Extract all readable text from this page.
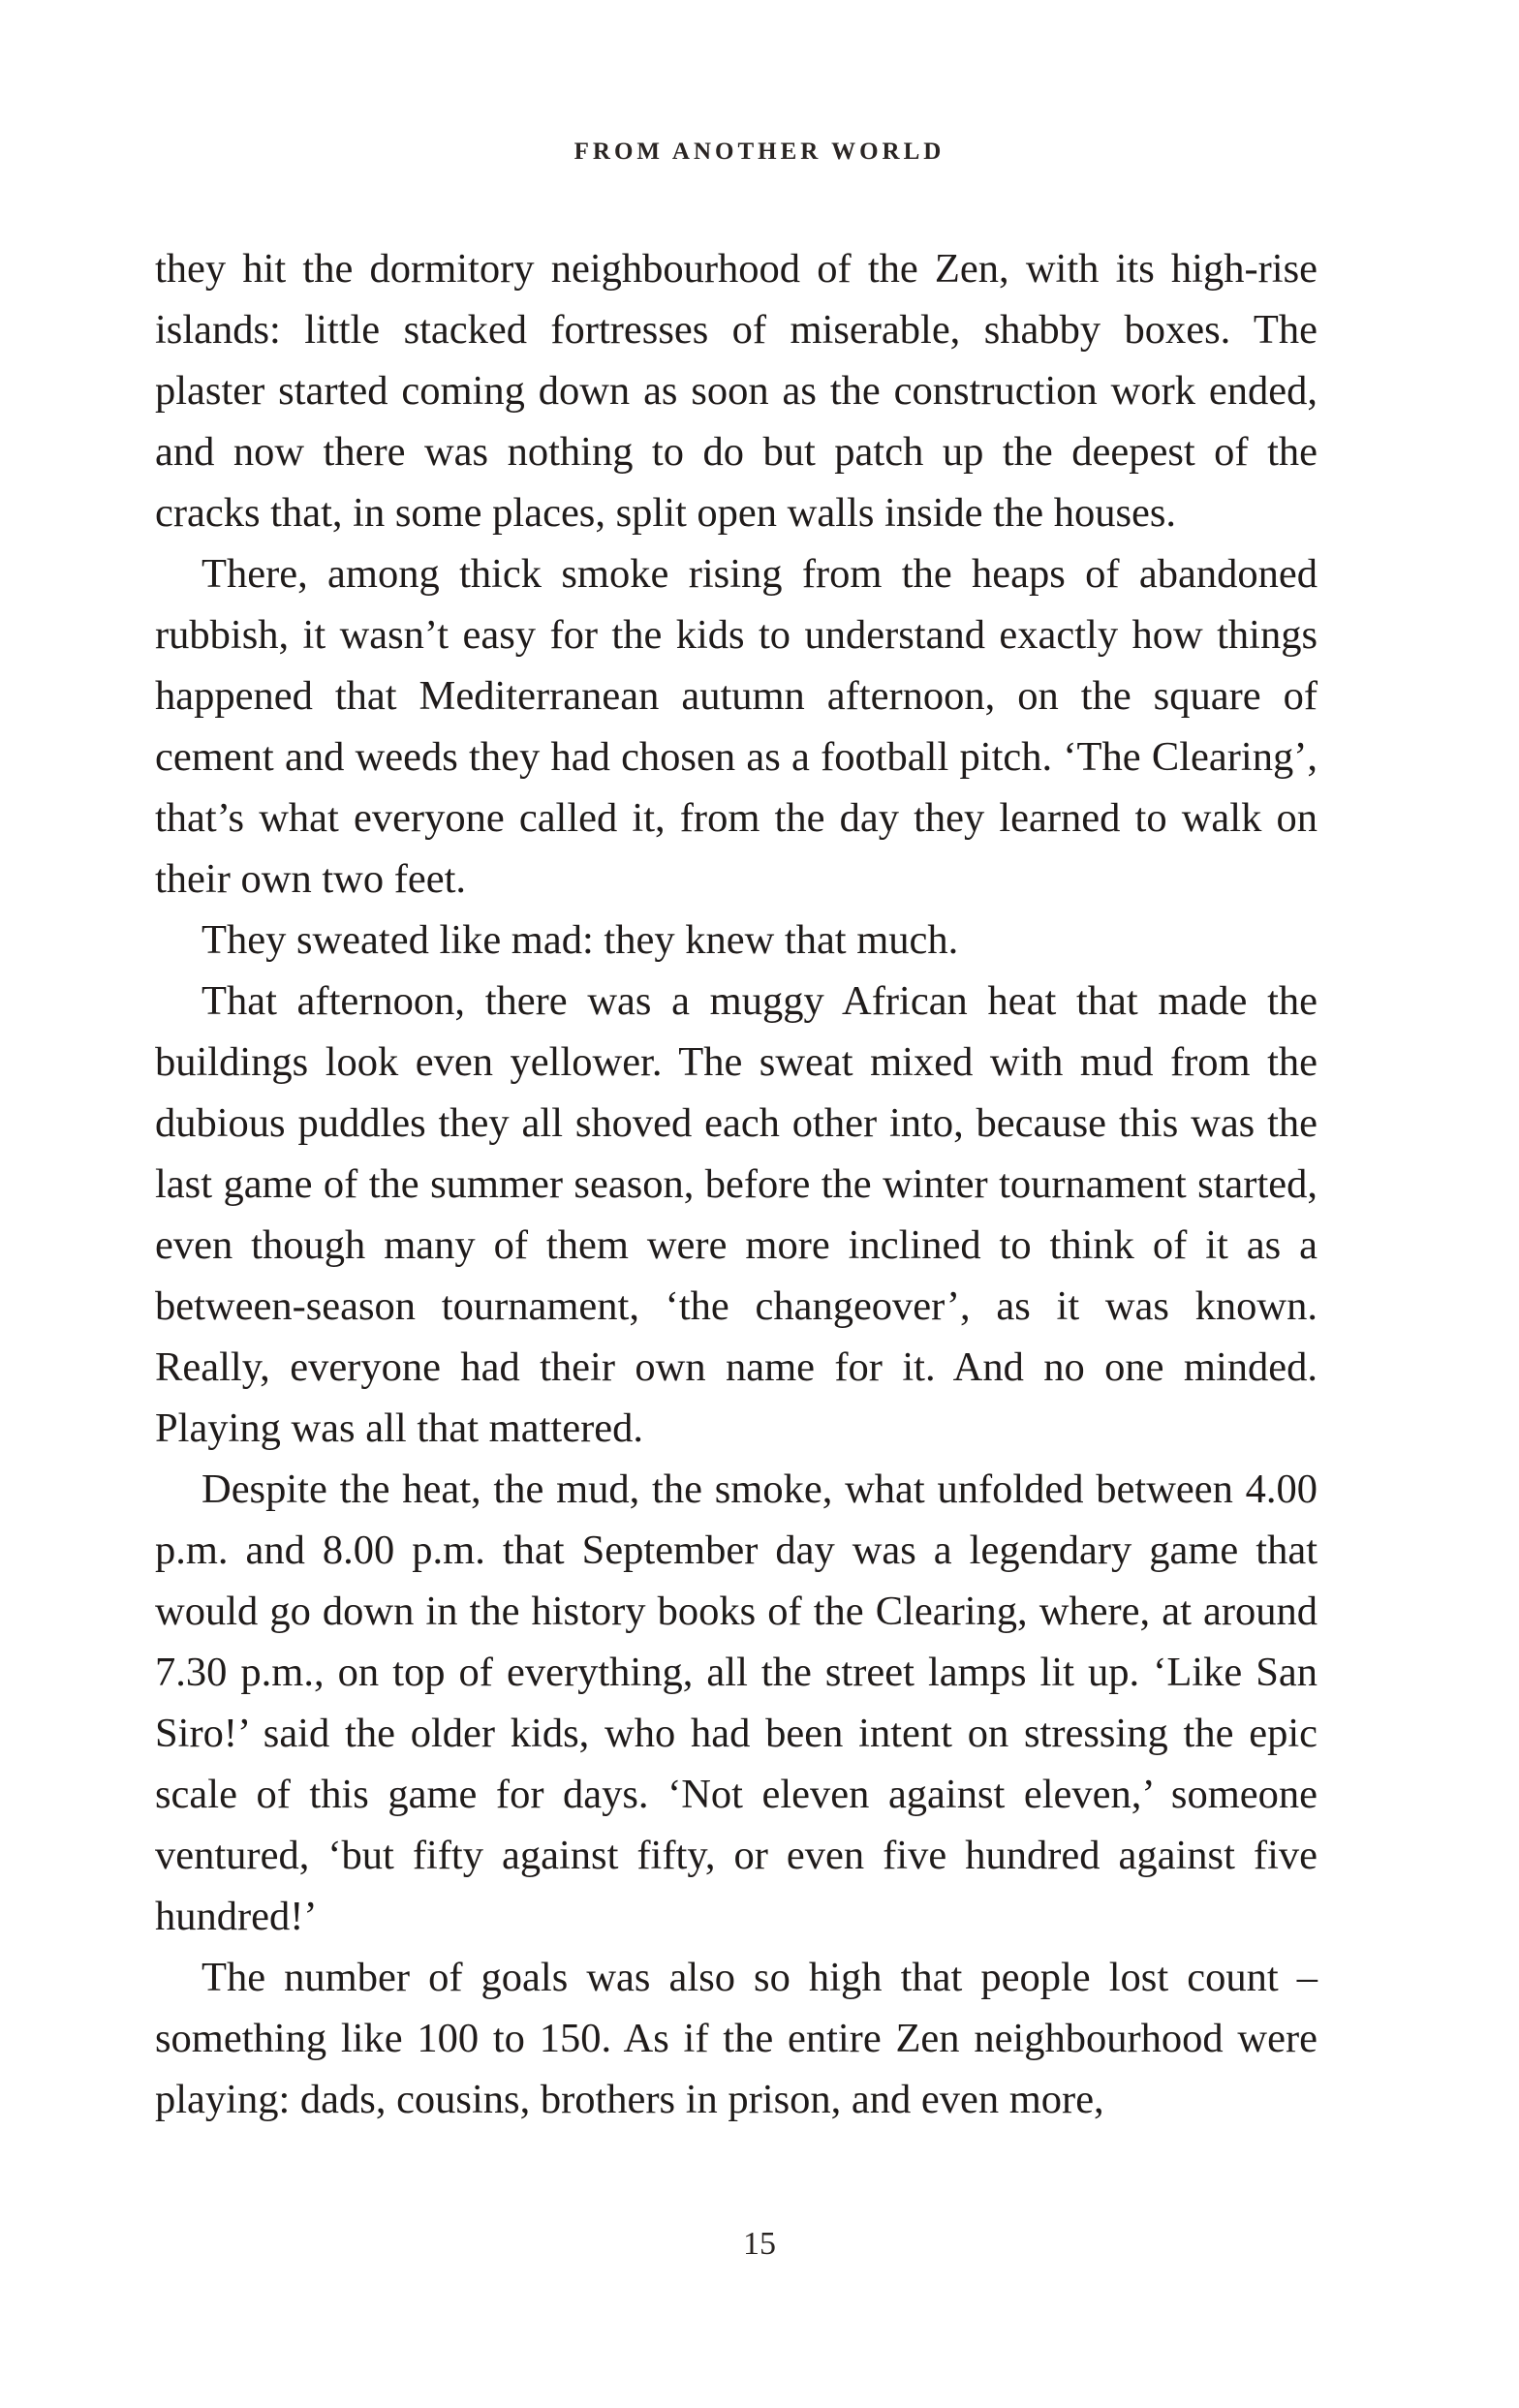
FROM ANOTHER WORLD

they hit the dormitory neighbourhood of the Zen, with its high-rise islands: little stacked fortresses of miserable, shabby boxes. The plaster started coming down as soon as the construction work ended, and now there was nothing to do but patch up the deepest of the cracks that, in some places, split open walls inside the houses.

There, among thick smoke rising from the heaps of abandoned rubbish, it wasn’t easy for the kids to understand exactly how things happened that Mediterranean autumn afternoon, on the square of cement and weeds they had chosen as a football pitch. ‘The Clearing’, that’s what everyone called it, from the day they learned to walk on their own two feet.

They sweated like mad: they knew that much.

That afternoon, there was a muggy African heat that made the buildings look even yellower. The sweat mixed with mud from the dubious puddles they all shoved each other into, because this was the last game of the summer season, before the winter tournament started, even though many of them were more inclined to think of it as a between-season tournament, ‘the changeover’, as it was known. Really, everyone had their own name for it. And no one minded. Playing was all that mattered.

Despite the heat, the mud, the smoke, what unfolded between 4.00 p.m. and 8.00 p.m. that September day was a legendary game that would go down in the history books of the Clearing, where, at around 7.30 p.m., on top of everything, all the street lamps lit up. ‘Like San Siro!’ said the older kids, who had been intent on stressing the epic scale of this game for days. ‘Not eleven against eleven,’ someone ventured, ‘but fifty against fifty, or even five hundred against five hundred!’

The number of goals was also so high that people lost count – something like 100 to 150. As if the entire Zen neighbourhood were playing: dads, cousins, brothers in prison, and even more,

15
